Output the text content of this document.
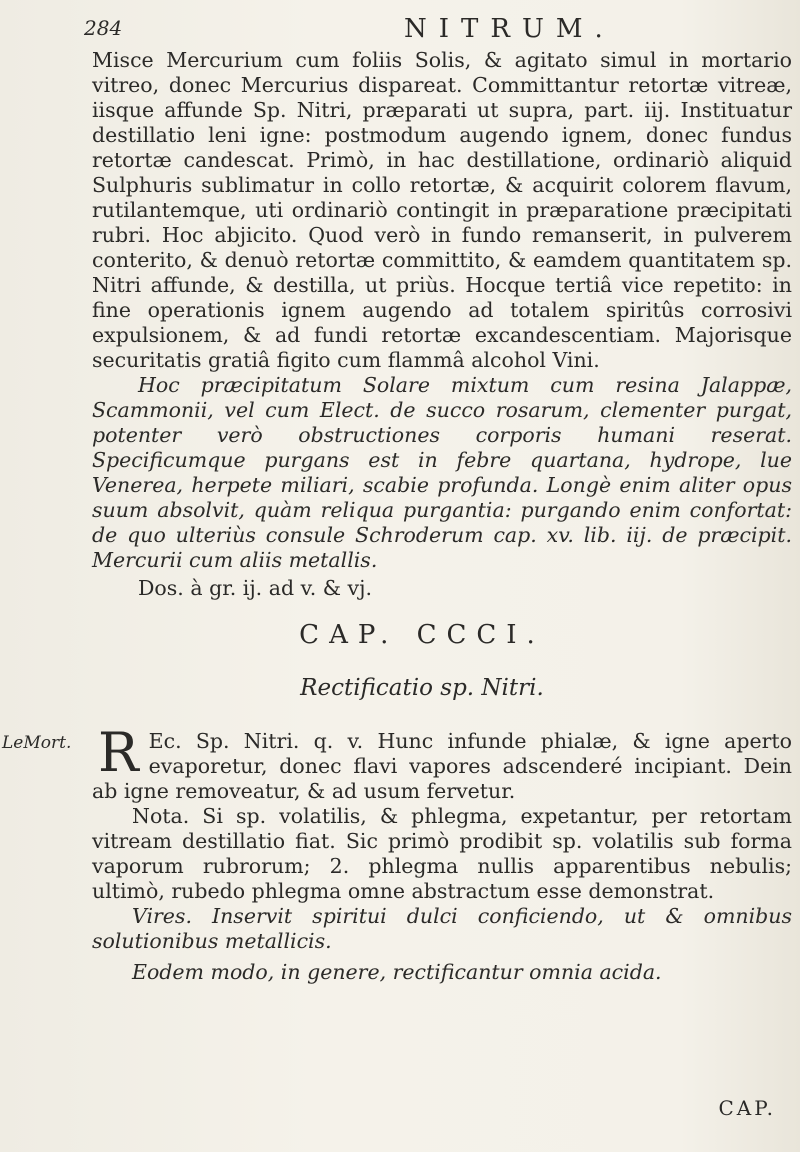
284	NITRUM.

Misce Mercurium cum foliis Solis, & agitato simul in mortario vitreo, donec Mercurius dispareat. Committantur retortæ vitreæ, iisque affunde Sp. Nitri, præparati ut supra, part. iij. Instituatur destillatio leni igne: postmodum augendo ignem, donec fundus retortæ candescat. Primò, in hac destillatione, ordinariò aliquid Sulphuris sublimatur in collo retortæ, & acquirit colorem flavum, rutilantemque, uti ordinariò contingit in præparatione præcipitati rubri. Hoc abjicito. Quod verò in fundo remanserit, in pulverem conterito, & denuò retortæ committito, & eamdem quantitatem sp. Nitri affunde, & destilla, ut priùs. Hocque tertiâ vice repetito: in fine operationis ignem augendo ad totalem spiritûs corrosivi expulsionem, & ad fundi retortæ excandescentiam. Majorisque securitatis gratiâ figito cum flammâ alcohol Vini.

Hoc præcipitatum Solare mixtum cum resina Jalappæ, Scammonii, vel cum Elect. de succo rosarum, clementer purgat, potenter verò obstructiones corporis humani reserat. Specificumque purgans est in febre quartana, hydrope, lue Venerea, herpete miliari, scabie profunda. Longè enim aliter opus suum absolvit, quàm reliqua purgantia: purgando enim confortat: de quo ulteriùs consule Schroderum cap. xv. lib. iij. de præcipit. Mercurii cum aliis metallis.

Dos. à gr. ij. ad v. & vj.

CAP. CCCI.

Rectificatio sp. Nitri.

LeMort. R Ec. Sp. Nitri. q. v. Hunc infunde phialæ, & igne aperto evaporetur, donec flavi vapores adscenderé incipiant. Dein ab igne removeatur, & ad usum fervetur.

Nota. Si sp. volatilis, & phlegma, expetantur, per retortam vitream destillatio fiat. Sic primò prodibit sp. volatilis sub forma vaporum rubrorum; 2. phlegma nullis apparentibus nebulis; ultimò, rubedo phlegma omne abstractum esse demonstrat.

Vires. Inservit spiritui dulci conficiendo, ut & omnibus solutionibus metallicis.

Eodem modo, in genere, rectificantur omnia acida.

CAP.
